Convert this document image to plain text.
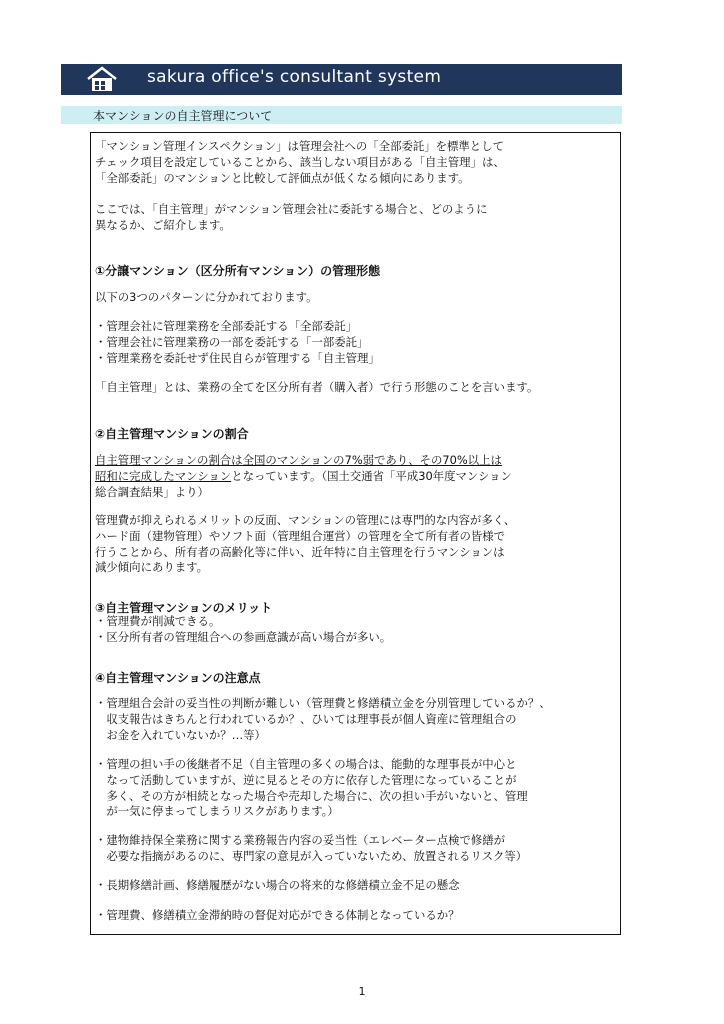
sakura office's consultant system
本マンションの自主管理について
「マンション管理インスペクション」は管理会社への「全部委託」を標準として
チェック項目を設定していることから、該当しない項目がある「自主管理」は、
「全部委託」のマンションと比較して評価点が低くなる傾向にあります。
ここでは、「自主管理」がマンション管理会社に委託する場合と、どのように
異なるか、ご紹介します。
①分譲マンション（区分所有マンション）の管理形態
以下の3つのパターンに分かれております。
・管理会社に管理業務を全部委託する「全部委託」
・管理会社に管理業務の一部を委託する「一部委託」
・管理業務を委託せず住民自らが管理する「自主管理」
「自主管理」とは、業務の全てを区分所有者（購入者）で行う形態のことを言います。
②自主管理マンションの割合
自主管理マンションの割合は全国のマンションの7%弱であり、その70%以上は
昭和に完成したマンションとなっています。（国土交通省「平成30年度マンション
総合調査結果」より）
管理費が抑えられるメリットの反面、マンションの管理には専門的な内容が多く、
ハード面（建物管理）やソフト面（管理組合運営）の管理を全て所有者の皆様で
行うことから、所有者の高齢化等に伴い、近年特に自主管理を行うマンションは
減少傾向にあります。
③自主管理マンションのメリット
・管理費が削減できる。
・区分所有者の管理組合への参画意識が高い場合が多い。
④自主管理マンションの注意点
・管理組合会計の妥当性の判断が難しい（管理費と修繕積立金を分別管理しているか？、
　収支報告はきちんと行われているか？、ひいては理事長が個人資産に管理組合の
　お金を入れていないか？…等）
・管理の担い手の後継者不足（自主管理の多くの場合は、能動的な理事長が中心と
　なって活動していますが、逆に見るとその方に依存した管理になっていることが
　多く、その方が相続となった場合や売却した場合に、次の担い手がいないと、管理
　が一気に停まってしまうリスクがあります。）
・建物維持保全業務に関する業務報告内容の妥当性（エレベーター点検で修繕が
　必要な指摘があるのに、専門家の意見が入っていないため、放置されるリスク等）
・長期修繕計画、修繕履歴がない場合の将来的な修繕積立金不足の懸念
・管理費、修繕積立金滞納時の督促対応ができる体制となっているか？
1
